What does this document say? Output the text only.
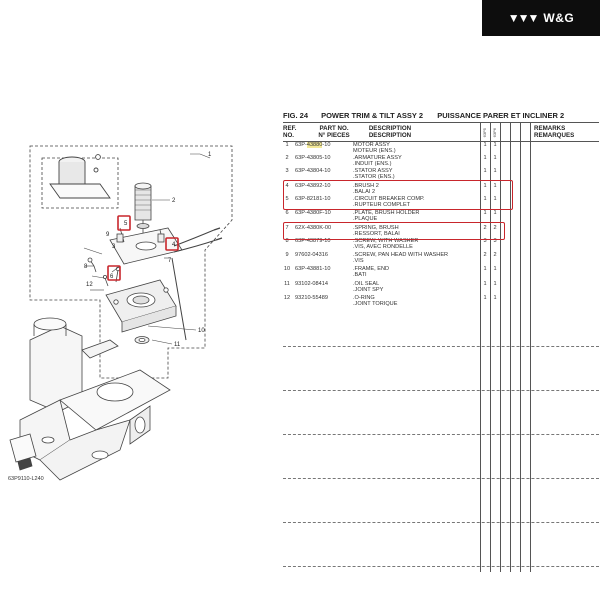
▼▼▼ W&G
1
2
3	4
5
6
7
8
9
10
11
12
63P9110-L240
FIG. 24 POWER TRIM & TILT ASSY 2 PUISSANCE PARER ET INCLINER 2
REF.
NO.
PART NO.
N° PIECES
DESCRIPTION
DESCRIPTION
REMARKS
REMARQUES
63P5 63P6
1	63P-43880-10	MOTOR ASSY	1	1
MOTEUR (ENS.)
2	63P-43805-10	.ARMATURE ASSY	1	1
.INDUIT (ENS.)
3	63P-43804-10	.STATOR ASSY	1	1
.STATOR (ENS.)
4	63P-43892-10	.BRUSH 2	1	1
.BALAI 2
5	63P-82181-10	.CIRCUIT BREAKER COMP.	1	1
.RUPTEUR COMPLET
6	63P-4380F-10	.PLATE, BRUSH HOLDER	1	1
.PLAQUE
7	62X-4380K-00	.SPRING, BRUSH	2	2
.RESSORT, BALAI
8	63P-43879-10	.SCREW, WITH WASHER	3	3
.VIS, AVEC RONDELLE
9	97602-04316	.SCREW, PAN HEAD WITH WASHER	2	2
.VIS
10 63P-43881-10	.FRAME, END	1	1
.BATI
11 93102-08414	.OIL SEAL	1	1
.JOINT SPY
12 93210-55489	.O-RING	1	1
.JOINT TORIQUE
